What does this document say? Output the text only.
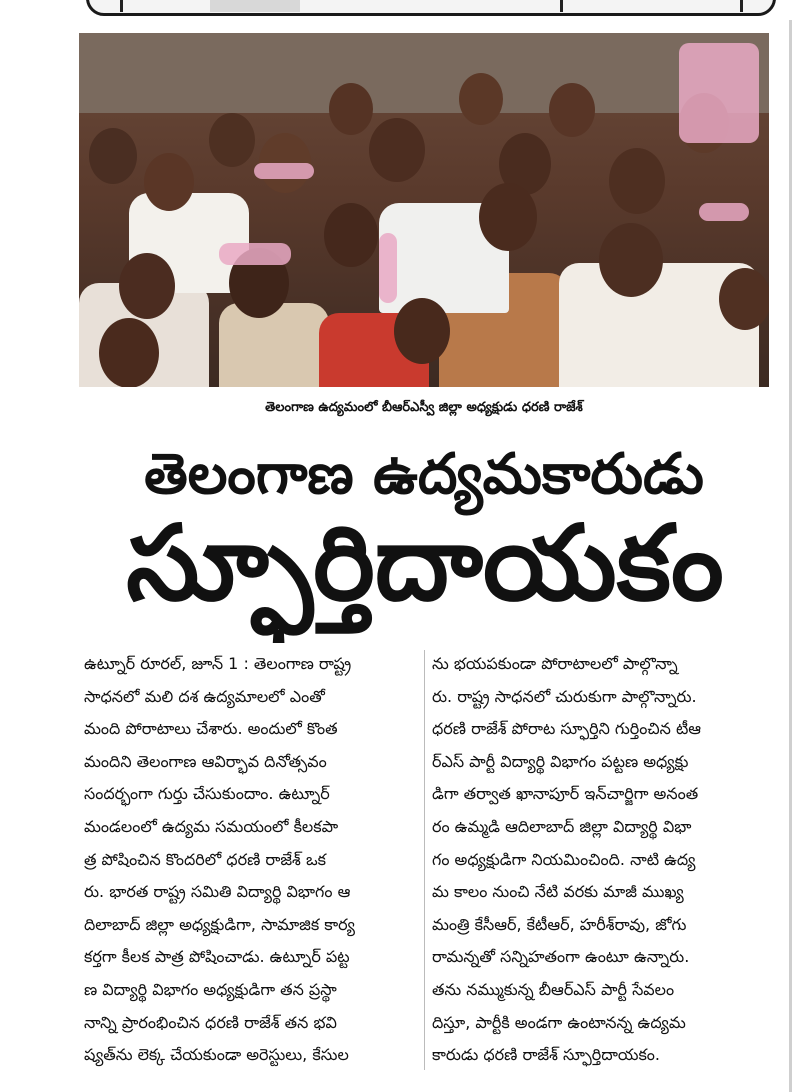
తెలంగాణ ఉద్యమంలో బీఆర్ఎస్వీ జిల్లా అధ్యక్షుడు ధరణి రాజేశ్
తెలంగాణ ఉద్యమకారుడు
స్ఫూర్తిదాయకం
ఉట్నూర్ రూరల్, జూన్ 1 : తెలంగాణ రాష్ట్ర
సాధనలో మలి దశ ఉద్యమాలలో ఎంతో
మంది పోరాటాలు చేశారు. అందులో కొంత
మందిని తెలంగాణ ఆవిర్భావ దినోత్సవం
సందర్భంగా గుర్తు చేసుకుందాం. ఉట్నూర్
మండలంలో ఉద్యమ సమయంలో కీలకపా
త్ర పోషించిన కొందరిలో ధరణి రాజేశ్ ఒక
రు. భారత రాష్ట్ర సమితి విద్యార్థి విభాగం ఆ
దిలాబాద్ జిల్లా అధ్యక్షుడిగా, సామాజిక కార్య
కర్తగా కీలక పాత్ర పోషించాడు. ఉట్నూర్ పట్ట
ణ విద్యార్థి విభాగం అధ్యక్షుడిగా తన ప్రస్థా
నాన్ని ప్రారంభించిన ధరణి రాజేశ్ తన భవి
ష్యత్‌ను లెక్క చేయకుండా అరెస్టులు, కేసుల
ను భయపకుండా పోరాటాలలో పాల్గొన్నా
రు. రాష్ట్ర సాధనలో చురుకుగా పాల్గొన్నారు.
ధరణి రాజేశ్ పోరాట స్ఫూర్తిని గుర్తించిన టీఆ
ర్ఎస్ పార్టీ విద్యార్థి విభాగం పట్టణ అధ్యక్షు
డిగా తర్వాత ఖానాపూర్ ఇన్‌చార్జిగా అనంత
రం ఉమ్మడి ఆదిలాబాద్ జిల్లా విద్యార్థి విభా
గం అధ్యక్షుడిగా నియమించింది. నాటి ఉద్య
మ కాలం నుంచి నేటి వరకు మాజీ ముఖ్య
మంత్రి కేసీఆర్, కేటీఆర్, హరీశ్‌రావు, జోగు
రామన్నతో సన్నిహతంగా ఉంటూ ఉన్నారు.
తను నమ్ముకున్న బీఆర్ఎస్ పార్టీ సేవలం
దిస్తూ, పార్టీకి అండగా ఉంటానన్న ఉద్యమ
కారుడు ధరణి రాజేశ్ స్ఫూర్తిదాయకం.
